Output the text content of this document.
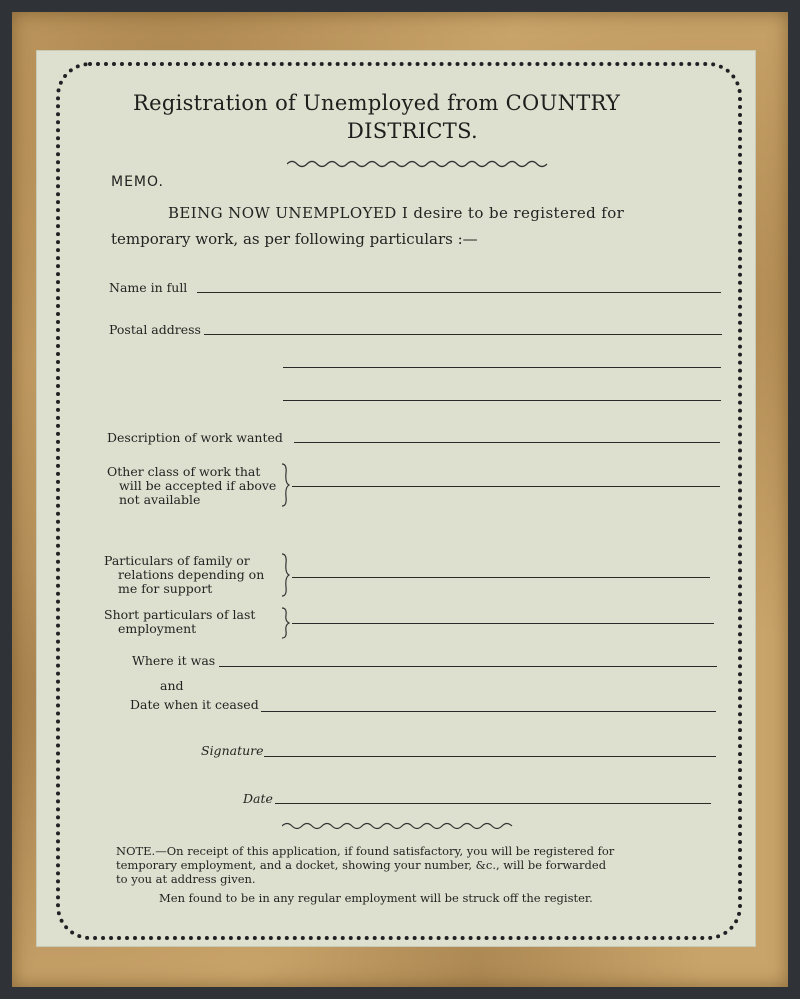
Registration of Unemployed from COUNTRY
DISTRICTS.
MEMO.
BEING NOW UNEMPLOYED I desire to be registered for
temporary work, as per following particulars :—
Name in full
Postal address
Description of work wanted
Other class of work that
will be accepted if above
not available
Particulars of family or
relations depending on
me for support
Short particulars of last
employment
Where it was
and
Date when it ceased
Signature
Date
NOTE.—On receipt of this application, if found satisfactory, you will be registered for
temporary employment, and a docket, showing your number, &c., will be forwarded
to you at address given.
Men found to be in any regular employment will be struck off the register.
